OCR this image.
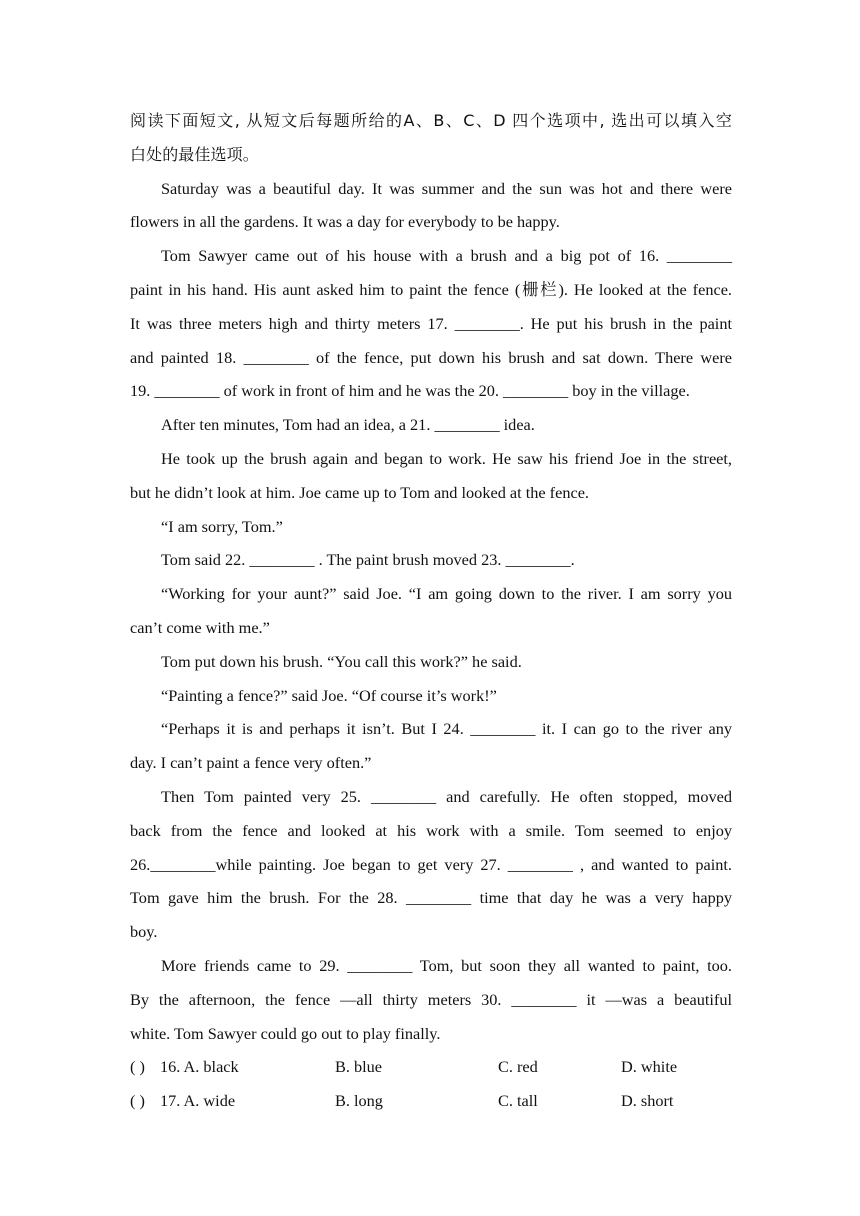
阅读下面短文, 从短文后每题所给的A、B、C、D 四个选项中, 选出可以填入空
白处的最佳选项。
Saturday was a beautiful day. It was summer and the sun was hot and there were
flowers in all the gardens. It was a day for everybody to be happy.
Tom Sawyer came out of his house with a brush and a big pot of 16. ________
paint in his hand. His aunt asked him to paint the fence (栅栏). He looked at the fence.
It was three meters high and thirty meters 17. ________. He put his brush in the paint
and painted 18. ________ of the fence, put down his brush and sat down. There were
19. ________ of work in front of him and he was the 20. ________ boy in the village.
After ten minutes, Tom had an idea, a 21. ________ idea.
He took up the brush again and began to work. He saw his friend Joe in the street,
but he didn’t look at him. Joe came up to Tom and looked at the fence.
“I am sorry, Tom.”
Tom said 22. ________ . The paint brush moved 23. ________.
“Working for your aunt?” said Joe. “I am going down to the river. I am sorry you
can’t come with me.”
Tom put down his brush. “You call this work?” he said.
“Painting a fence?” said Joe. “Of course it’s work!”
“Perhaps it is and perhaps it isn’t. But I 24. ________ it. I can go to the river any
day. I can’t paint a fence very often.”
Then Tom painted very 25. ________ and carefully. He often stopped, moved
back from the fence and looked at his work with a smile. Tom seemed to enjoy
26.________while painting. Joe began to get very 27. ________ , and wanted to paint.
Tom gave him the brush. For the 28. ________ time that day he was a very happy
boy.
More friends came to 29. ________ Tom, but soon they all wanted to paint, too.
By the afternoon, the fence —all thirty meters 30. ________ it —was a beautiful
white. Tom Sawyer could go out to play finally.
( ) 16. A. black	B. blue	C. red	D. white
( ) 17. A. wide	B. long	C. tall	D. short
